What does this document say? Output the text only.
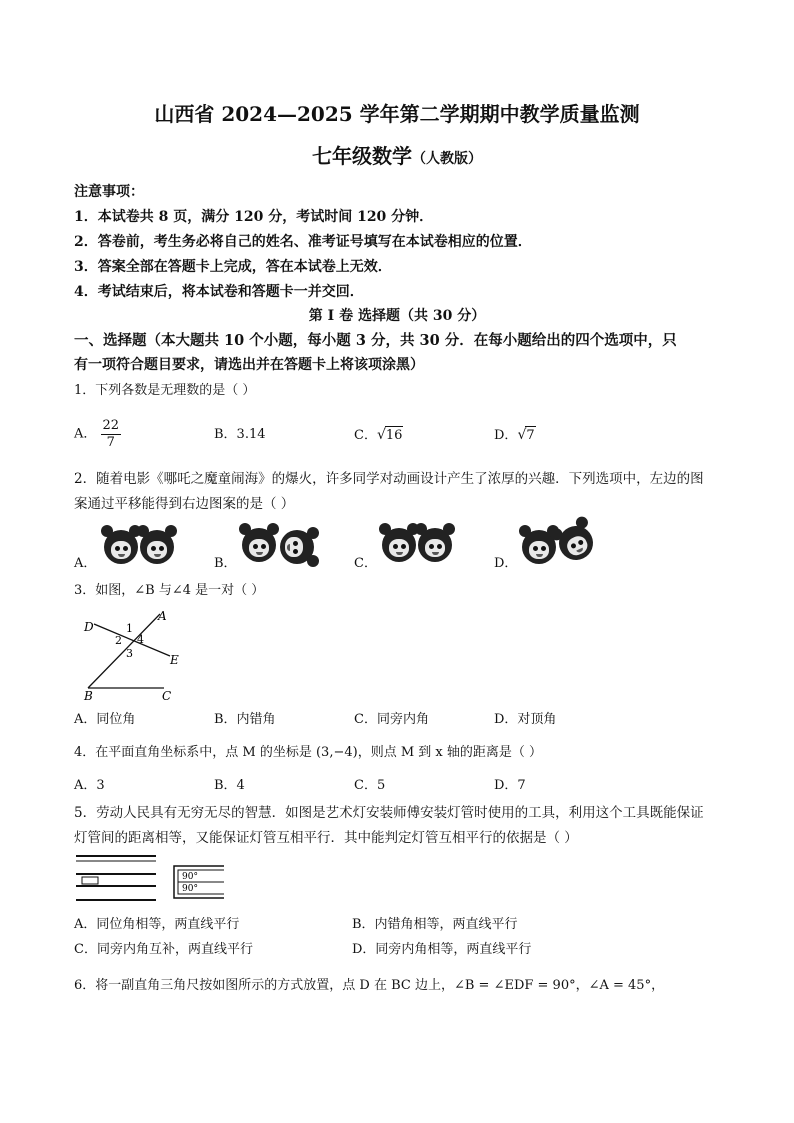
山西省 2024—2025 学年第二学期期中教学质量监测
七年级数学（人教版）
注意事项：
1．本试卷共 8 页，满分 120 分，考试时间 120 分钟．
2．答卷前，考生务必将自己的姓名、准考证号填写在本试卷相应的位置．
3．答案全部在答题卡上完成，答在本试卷上无效．
4．考试结束后，将本试卷和答题卡一并交回．
第 I 卷 选择题（共 30 分）
一、选择题（本大题共 10 个小题，每小题 3 分，共 30 分．在每小题给出的四个选项中，只
有一项符合题目要求，请选出并在答题卡上将该项涂黑）
1．下列各数是无理数的是（ ）
A． $\frac{22}{7}$	B．3.14	C．√16	D．√7
2．随着电影《哪吒之魔童闹海》的爆火，许多同学对动画设计产生了浓厚的兴趣．下列选项中，左边的图
案通过平移能得到右边图案的是（ ）
A．	B．	C．	D．
3．如图，∠B 与∠4 是一对（ ）
D
A
E
B	C
1
2
3
4
A．同位角	B．内错角	C．同旁内角	D．对顶角
4．在平面直角坐标系中，点 M 的坐标是 (3,−4)，则点 M 到 x 轴的距离是（ ）
A．3	B．4	C．5	D．7
5．劳动人民具有无穷无尽的智慧．如图是艺术灯安装师傅安装灯管时使用的工具，利用这个工具既能保证
灯管间的距离相等，又能保证灯管互相平行．其中能判定灯管互相平行的依据是（ ）
90°
90°
A．同位角相等，两直线平行	B．内错角相等，两直线平行
C．同旁内角互补，两直线平行	D．同旁内角相等，两直线平行
6．将一副直角三角尺按如图所示的方式放置，点 D 在 BC 边上，∠B = ∠EDF = 90°，∠A = 45°，
